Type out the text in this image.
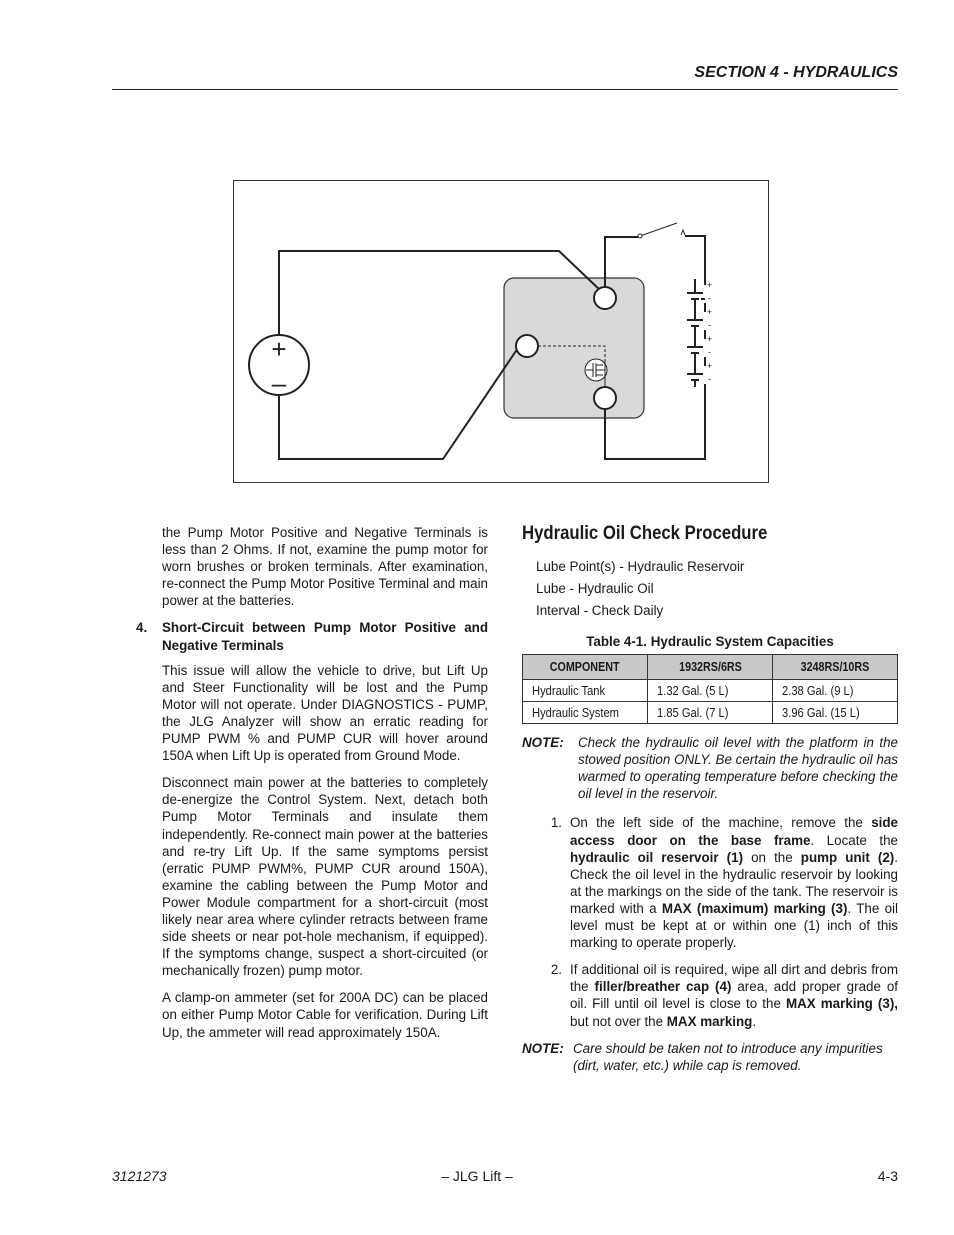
SECTION 4 - HYDRAULICS
+
-
+
-
+
-
+
-
+
–

the Pump Motor Positive and Negative Terminals is less than 2 Ohms. If not, examine the pump motor for worn brushes or broken terminals. After examination, re-connect the Pump Motor Positive Terminal and main power at the batteries.

4.	Short-Circuit between Pump Motor Positive and Negative Terminals

This issue will allow the vehicle to drive, but Lift Up and Steer Functionality will be lost and the Pump Motor will not operate. Under DIAGNOSTICS - PUMP, the JLG Analyzer will show an erratic reading for PUMP PWM % and PUMP CUR will hover around 150A when Lift Up is operated from Ground Mode.

Disconnect main power at the batteries to completely de-energize the Control System. Next, detach both Pump Motor Terminals and insulate them independently. Re-connect main power at the batteries and re-try Lift Up. If the same symptoms persist (erratic PUMP PWM%, PUMP CUR around 150A), examine the cabling between the Pump Motor and Power Module compartment for a short-circuit (most likely near area where cylinder retracts between frame side sheets or near pot-hole mechanism, if equipped). If the symptoms change, suspect a short-circuited (or mechanically frozen) pump motor.

A clamp-on ammeter (set for 200A DC) can be placed on either Pump Motor Cable for verification. During Lift Up, the ammeter will read approximately 150A.

Hydraulic Oil Check Procedure
Lube Point(s) - Hydraulic Reservoir
Lube - Hydraulic Oil
Interval - Check Daily
Table 4-1. Hydraulic System Capacities
COMPONENT	1932RS/6RS	3248RS/10RS
Hydraulic Tank	1.32 Gal. (5 L)	2.38 Gal. (9 L)
Hydraulic System	1.85 Gal. (7 L)	3.96 Gal. (15 L)
NOTE:	Check the hydraulic oil level with the platform in the stowed position ONLY. Be certain the hydraulic oil has warmed to operating temperature before checking the oil level in the reservoir.
1. On the left side of the machine, remove the side access door on the base frame. Locate the hydraulic oil reservoir (1) on the pump unit (2). Check the oil level in the hydraulic reservoir by looking at the markings on the side of the tank. The reservoir is marked with a MAX (maximum) marking (3). The oil level must be kept at or within one (1) inch of this marking to operate properly.
2. If additional oil is required, wipe all dirt and debris from the filler/breather cap (4) area, add proper grade of oil. Fill until oil level is close to the MAX marking (3), but not over the MAX marking.
NOTE: Care should be taken not to introduce any impurities (dirt, water, etc.) while cap is removed.
3121273	– JLG Lift –	4-3
